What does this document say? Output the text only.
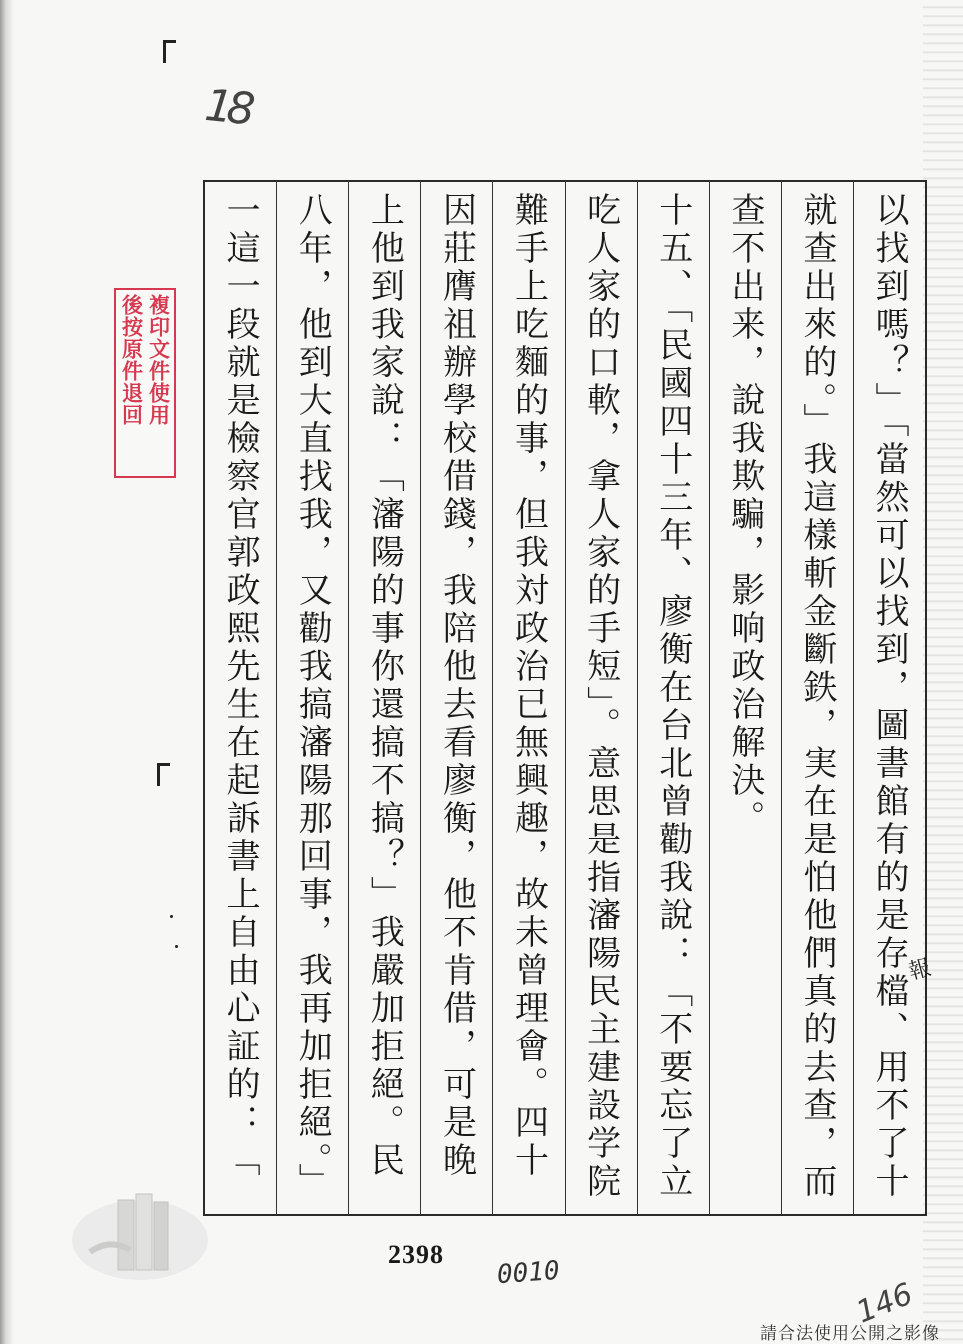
18
複印文件使用
後按原件退回
以找到嗎？」「當然可以找到，圖書館有的是存檔、用不了十
就查出來的。」我這樣斬金斷鉄，実在是怕他們真的去查，而
查不出来，說我欺騙，影响政治解決。
十五、「民國四十三年、廖衡在台北曾勸我說：「不要忘了立
吃人家的口軟，拿人家的手短」。意思是指瀋陽民主建設学院
難手上吃麵的事，但我対政治已無興趣，故未曾理會。四十
因莊膺祖辦學校借錢，我陪他去看廖衡，他不肯借，可是晚
上他到我家說：「瀋陽的事你還搞不搞？」我嚴加拒絕。民
八年，他到大直找我，又勸我搞瀋陽那回事，我再加拒絕。」
一這一段就是檢察官郭政熙先生在起訴書上自由心証的：「	報
2398
0010
146
請合法使用公開之影像
